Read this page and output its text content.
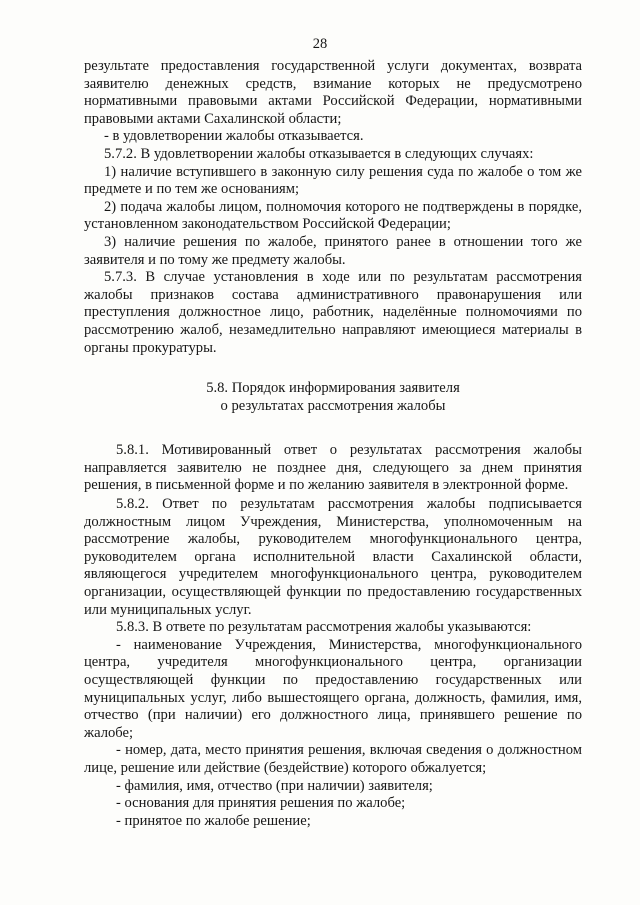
28

результате предоставления государственной услуги документах, возврата заявителю денежных средств, взимание которых не предусмотрено нормативными правовыми актами Российской Федерации, нормативными правовыми актами Сахалинской области;

- в удовлетворении жалобы отказывается.

5.7.2. В удовлетворении жалобы отказывается в следующих случаях:

1) наличие вступившего в законную силу решения суда по жалобе о том же предмете и по тем же основаниям;

2) подача жалобы лицом, полномочия которого не подтверждены в порядке, установленном законодательством Российской Федерации;

3) наличие решения по жалобе, принятого ранее в отношении того же заявителя и по тому же предмету жалобы.

5.7.3. В случае установления в ходе или по результатам рассмотрения жалобы признаков состава административного правонарушения или преступления должностное лицо, работник, наделённые полномочиями по рассмотрению жалоб, незамедлительно направляют имеющиеся материалы в органы прокуратуры.

5.8. Порядок информирования заявителя
о результатах рассмотрения жалобы

5.8.1. Мотивированный ответ о результатах рассмотрения жалобы направляется заявителю не позднее дня, следующего за днем принятия решения, в письменной форме и по желанию заявителя в электронной форме.

5.8.2. Ответ по результатам рассмотрения жалобы подписывается должностным лицом Учреждения, Министерства, уполномоченным на рассмотрение жалобы, руководителем многофункционального центра, руководителем органа исполнительной власти Сахалинской области, являющегося учредителем многофункционального центра, руководителем организации, осуществляющей функции по предоставлению государственных или муниципальных услуг.

5.8.3. В ответе по результатам рассмотрения жалобы указываются:

- наименование Учреждения, Министерства, многофункционального центра, учредителя многофункционального центра, организации осуществляющей функции по предоставлению государственных или муниципальных услуг, либо вышестоящего органа, должность, фамилия, имя, отчество (при наличии) его должностного лица, принявшего решение по жалобе;

- номер, дата, место принятия решения, включая сведения о должностном лице, решение или действие (бездействие) которого обжалуется;

- фамилия, имя, отчество (при наличии) заявителя;

- основания для принятия решения по жалобе;

- принятое по жалобе решение;
